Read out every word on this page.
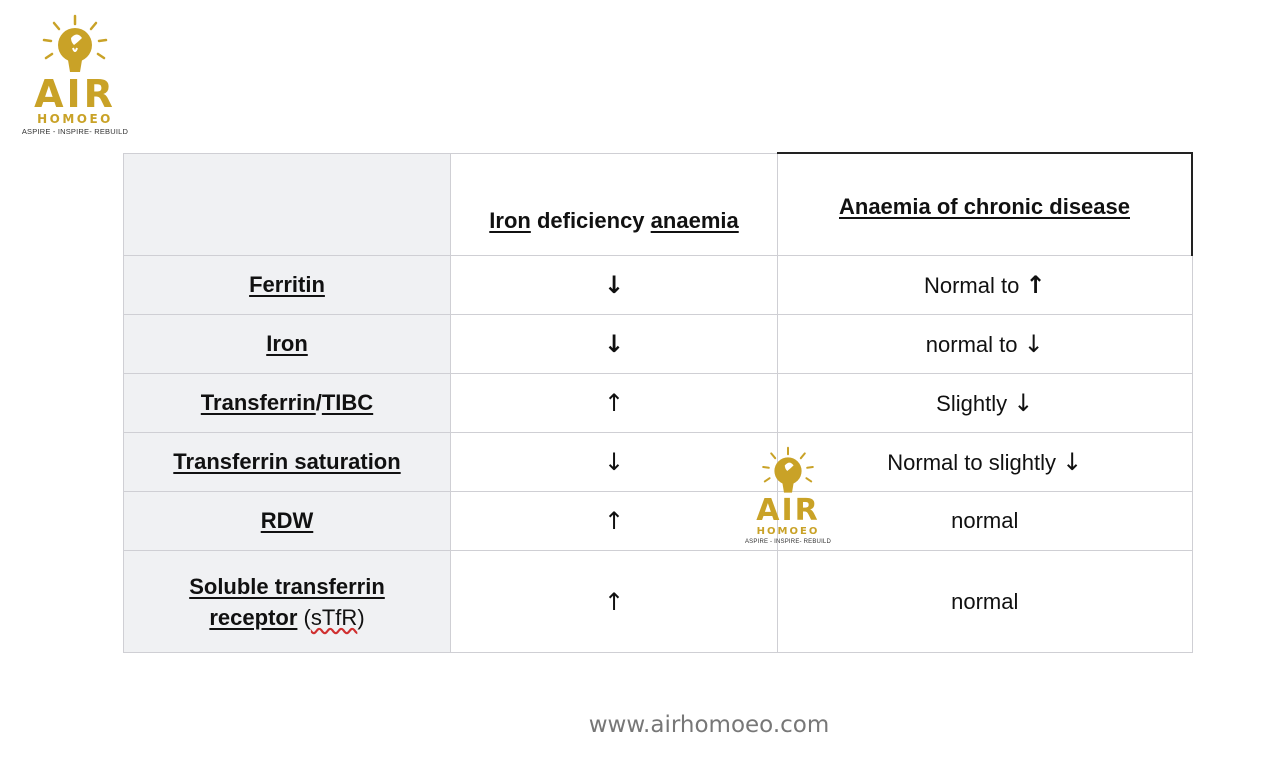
AIR
HOMOEO
ASPIRE - INSPIRE- REBUILD
	Iron deficiency anaemia	Anaemia of chronic disease
Ferritin	↓	Normal to ↑
Iron	↓	normal to ↓
Transferrin/TIBC	↑	Slightly ↓
Transferrin saturation	↓	Normal to slightly ↓
RDW	↑	normal
Soluble transferrin
receptor (sTfR)	↑	normal
AIR
HOMOEO
ASPIRE - INSPIRE- REBUILD
www.airhomoeo.com
